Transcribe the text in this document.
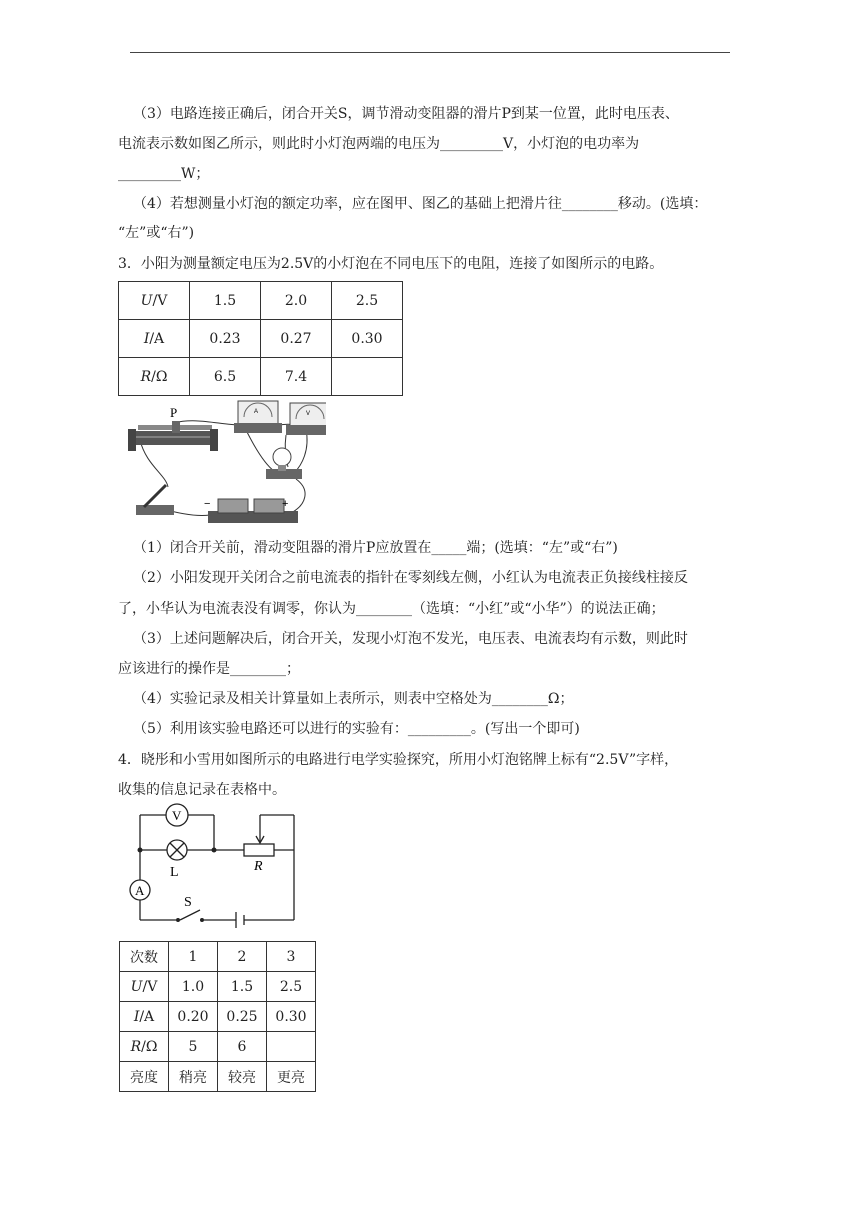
（3）电路连接正确后，闭合开关S，调节滑动变阻器的滑片P到某一位置，此时电压表、
电流表示数如图乙所示，则此时小灯泡两端的电压为_________V，小灯泡的电功率为
_________W；
（4）若想测量小灯泡的额定功率，应在图甲、图乙的基础上把滑片往________移动。(选填：
“左”或“右”)
3．小阳为测量额定电压为2.5V的小灯泡在不同电压下的电阻，连接了如图所示的电路。
U/V	1.5	2.0	2.5
I/A	0.23	0.27	0.30
R/Ω	6.5	7.4	
P	A	V
−	+
（1）闭合开关前，滑动变阻器的滑片P应放置在_____端；(选填：“左”或“右”)
（2）小阳发现开关闭合之前电流表的指针在零刻线左侧，小红认为电流表正负接线柱接反
了，小华认为电流表没有调零，你认为________（选填：“小红”或“小华”）的说法正确；
（3）上述问题解决后，闭合开关，发现小灯泡不发光，电压表、电流表均有示数，则此时
应该进行的操作是________；
（4）实验记录及相关计算量如上表所示，则表中空格处为________Ω；
（5）利用该实验电路还可以进行的实验有：_________。(写出一个即可)
4．晓彤和小雪用如图所示的电路进行电学实验探究，所用小灯泡铭牌上标有“2.5V”字样，
收集的信息记录在表格中。
V
L	R
A
S
次数	1	2	3
U/V	1.0	1.5	2.5
I/A	0.20	0.25	0.30
R/Ω	5	6	
亮度	稍亮	较亮	更亮
